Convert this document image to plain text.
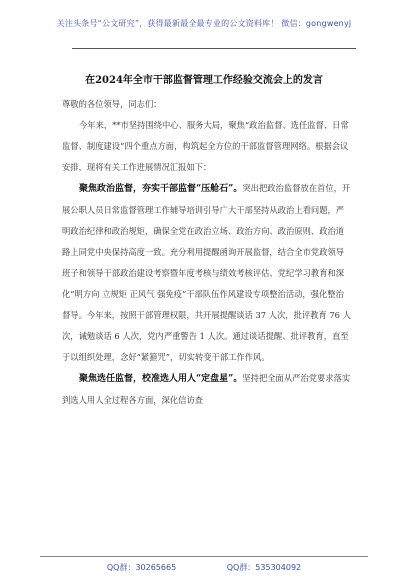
关注头条号“公文研究”，获得最新最全最专业的公文资料库！ 微信：gongwenyj
在2024年全市干部监督管理工作经验交流会上的发言

尊敬的各位领导，同志们：

今年来，**市坚持围绕中心、服务大局，聚焦“政治监督、选任监督、日常监督、制度建设”四个重点方面，构筑起全方位的干部监督管理网络。根据会议安排，现将有关工作进展情况汇报如下：

聚焦政治监督，夯实干部监督“压舱石”。突出把政治监督放在首位，开展公职人员日常监督管理工作辅导培训引导广大干部坚持从政治上看问题，严明政治纪律和政治规矩，确保全党在政治立场、政治方向、政治原则、政治道路上同党中央保持高度一致。充分利用提醒函询开展监督，结合全市党政领导班子和领导干部政治建设考察暨年度考核与绩效考核评估、党纪学习教育和深化“明方向 立规矩 正风气 强免疫”干部队伍作风建设专项整治活动，强化整治督导。今年来，按照干部管理权限，共开展提醒谈话 37 人次，批评教育 76 人次，诫勉谈话 6 人次，党内严重警告 1 人次。通过谈话提醒、批评教育，直至于以组织处理，念好“紧箍咒”，切实转变干部工作作风。

聚焦选任监督，校准选人用人“定盘星”。坚持把全面从严治党要求落实到选人用人全过程各方面，深化信访查

QQ群：30265665	QQ群：535304092
